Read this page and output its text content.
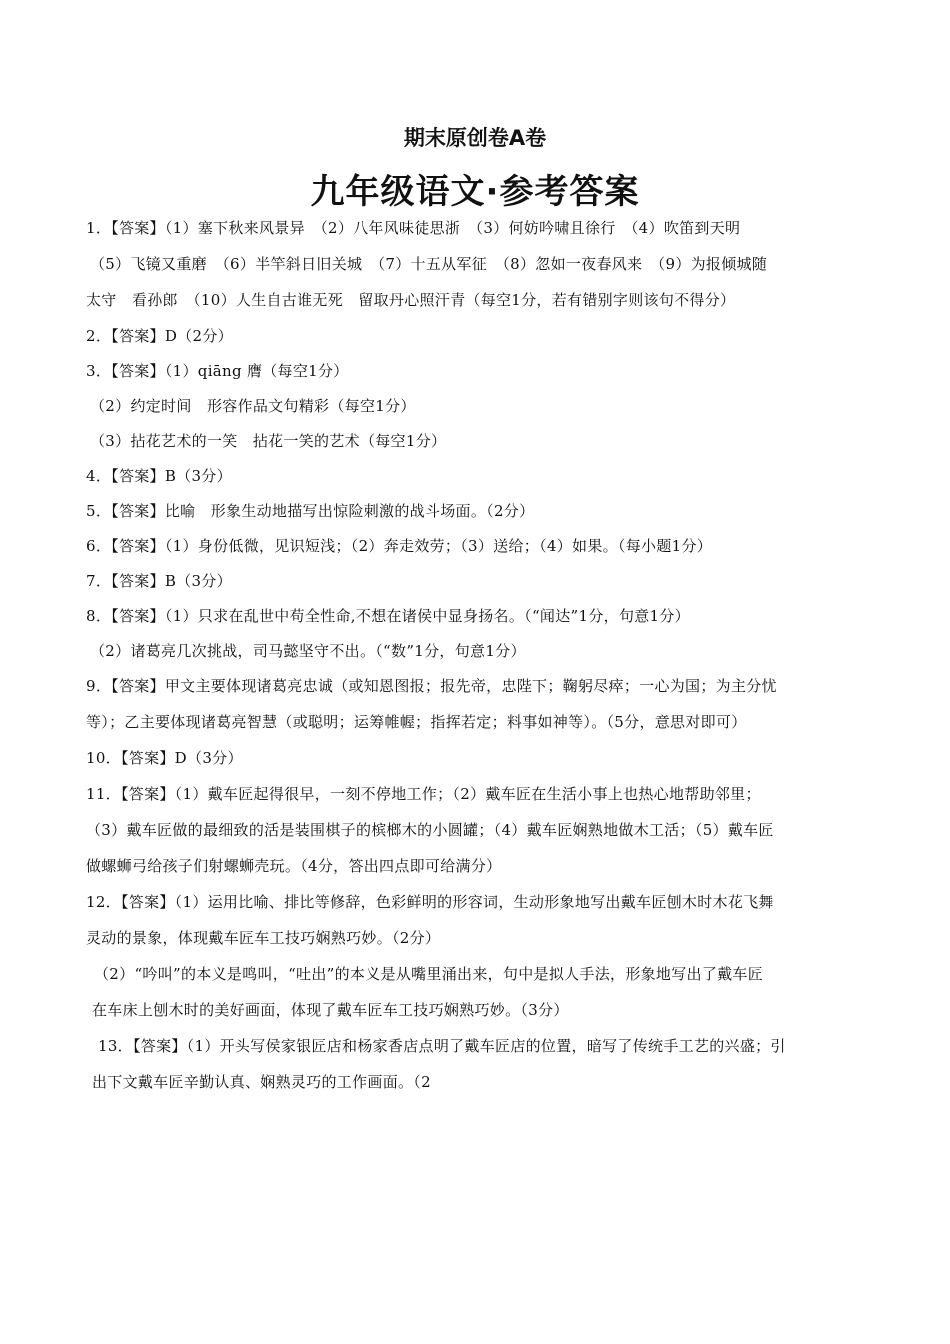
期末原创卷A卷
九年级语文·参考答案
1．【答案】（1）塞下秋来风景异　（2）八年风味徒思浙　（3）何妨吟啸且徐行　（4）吹笛到天明
（5）飞镜又重磨　（6）半竿斜日旧关城　（7）十五从军征　（8）忽如一夜春风来　（9）为报倾城随
太守　看孙郎　（10）人生自古谁无死　留取丹心照汗青（每空1分，若有错别字则该句不得分）
2．【答案】D（2分）
3．【答案】（1）qiāng 膺（每空1分）
（2）约定时间　形容作品文句精彩（每空1分）
（3）拈花艺术的一笑　拈花一笑的艺术（每空1分）
4．【答案】B（3分）
5．【答案】比喻　形象生动地描写出惊险刺激的战斗场面。（2分）
6．【答案】（1）身份低微，见识短浅；（2）奔走效劳；（3）送给；（4）如果。（每小题1分）
7．【答案】B（3分）
8．【答案】（1）只求在乱世中苟全性命,不想在诸侯中显身扬名。（“闻达”1分，句意1分）
（2）诸葛亮几次挑战，司马懿坚守不出。（“数”1分，句意1分）
9．【答案】甲文主要体现诸葛亮忠诚（或知恩图报；报先帝，忠陛下；鞠躬尽瘁；一心为国；为主分忧
等）；乙主要体现诸葛亮智慧（或聪明；运筹帷幄；指挥若定；料事如神等）。（5分，意思对即可）
10．【答案】D（3分）
11．【答案】（1）戴车匠起得很早，一刻不停地工作；（2）戴车匠在生活小事上也热心地帮助邻里；
（3）戴车匠做的最细致的活是装围棋子的槟榔木的小圆罐；（4）戴车匠娴熟地做木工活；（5）戴车匠
做螺蛳弓给孩子们射螺蛳壳玩。（4分，答出四点即可给满分）
12．【答案】（1）运用比喻、排比等修辞，色彩鲜明的形容词，生动形象地写出戴车匠刨木时木花飞舞
灵动的景象，体现戴车匠车工技巧娴熟巧妙。（2分）
（2）“吟叫”的本义是鸣叫，“吐出”的本义是从嘴里涌出来，句中是拟人手法，形象地写出了戴车匠
在车床上刨木时的美好画面，体现了戴车匠车工技巧娴熟巧妙。（3分）
13．【答案】（1）开头写侯家银匠店和杨家香店点明了戴车匠店的位置，暗写了传统手工艺的兴盛；引
出下文戴车匠辛勤认真、娴熟灵巧的工作画面。（2
